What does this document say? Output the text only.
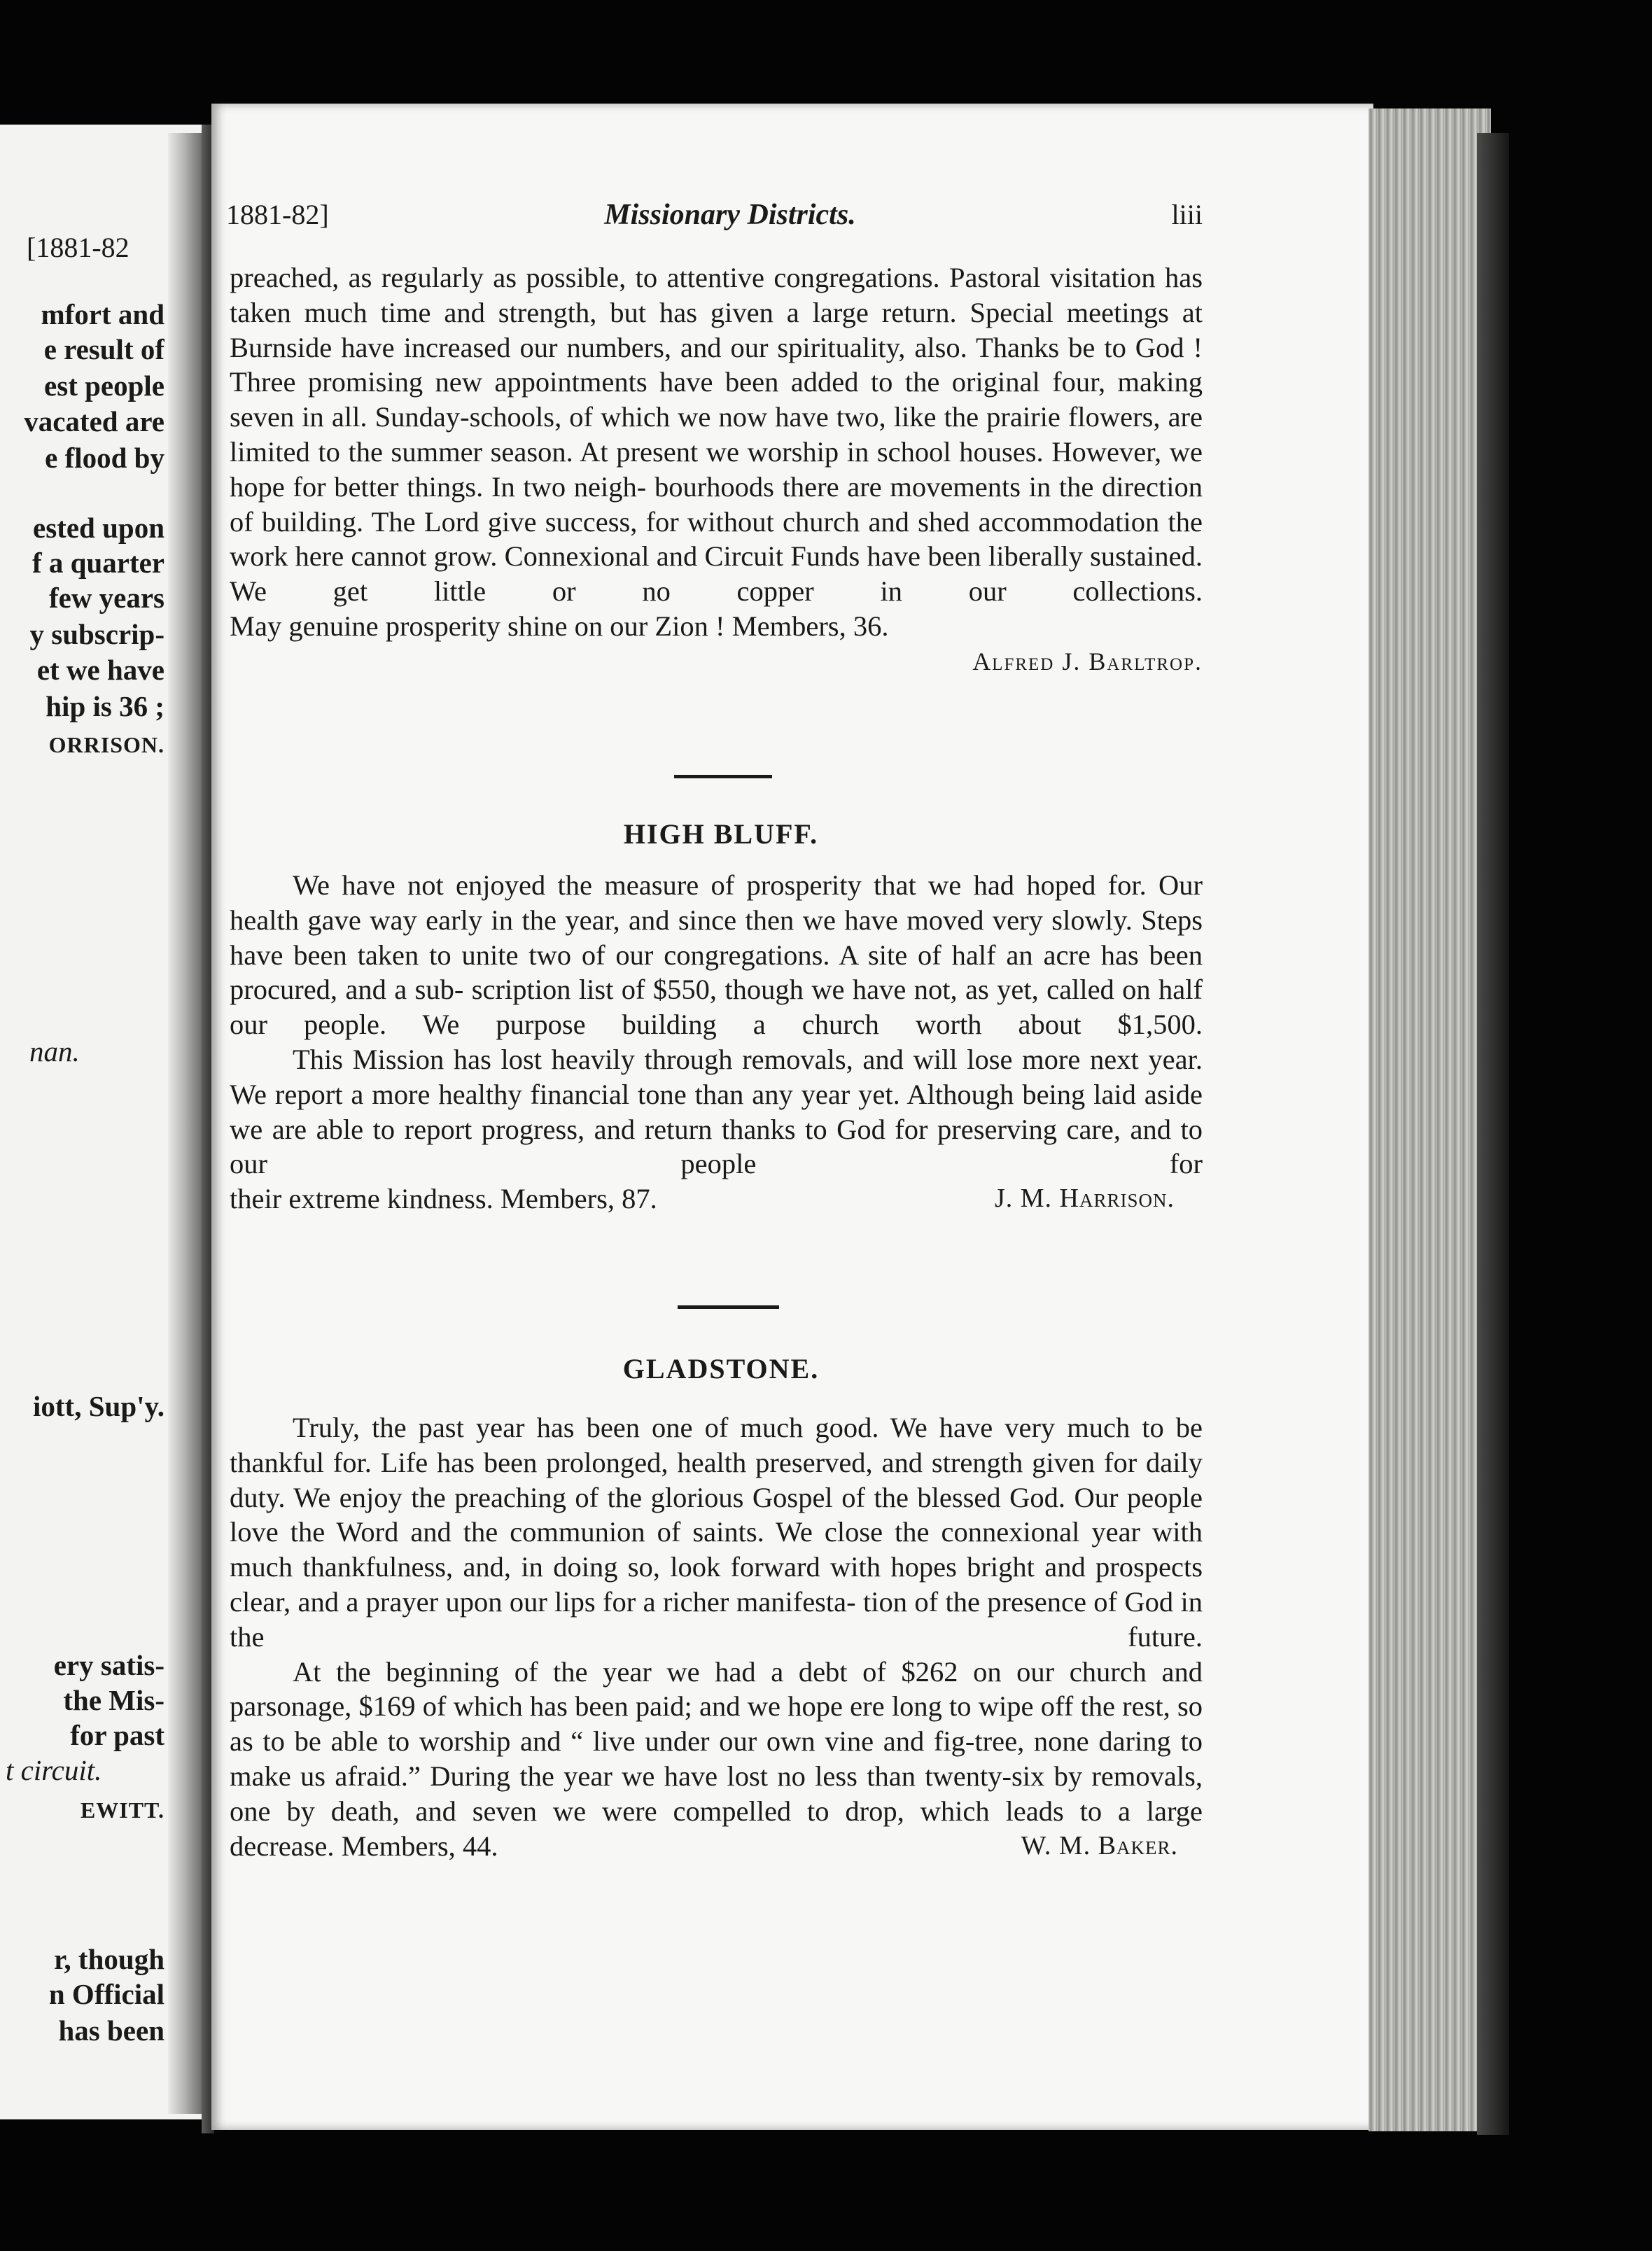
[1881-82
mfort and
e result of
est people
vacated are
e flood by
ested upon
f a quarter
few years
y subscrip-
et we have
hip is 36 ;
ORRISON.
nan.
iott, Sup'y.
ery satis-
the Mis-
for past
t circuit.
EWITT.
r, though
n Official
has been
1881-82]	Missionary Districts.	liii

preached, as regularly as possible, to attentive congregations. Pastoral visitation has taken much time and strength, but has given a large return. Special meetings at Burnside have increased our numbers, and our spirituality, also. Thanks be to God ! Three promising new appointments have been added to the original four, making seven in all. Sunday-schools, of which we now have two, like the prairie flowers, are limited to the summer season. At present we worship in school houses. However, we hope for better things. In two neigh- bourhoods there are movements in the direction of building. The Lord give success, for without church and shed accommodation the work here cannot grow. Connexional and Circuit Funds have been liberally sustained. We get little or no copper in our collections.

May genuine prosperity shine on our Zion ! Members, 36.
Alfred J. Barltrop.
HIGH BLUFF.

We have not enjoyed the measure of prosperity that we had hoped for. Our health gave way early in the year, and since then we have moved very slowly. Steps have been taken to unite two of our congregations. A site of half an acre has been procured, and a sub- scription list of $550, though we have not, as yet, called on half our people. We purpose building a church worth about $1,500.

This Mission has lost heavily through removals, and will lose more next year. We report a more healthy financial tone than any year yet. Although being laid aside we are able to report progress, and return thanks to God for preserving care, and to our people for

their extreme kindness. Members, 87.	J. M. Harrison.
GLADSTONE.

Truly, the past year has been one of much good. We have very much to be thankful for. Life has been prolonged, health preserved, and strength given for daily duty. We enjoy the preaching of the glorious Gospel of the blessed God. Our people love the Word and the communion of saints. We close the connexional year with much thankfulness, and, in doing so, look forward with hopes bright and prospects clear, and a prayer upon our lips for a richer manifesta- tion of the presence of God in the future.

At the beginning of the year we had a debt of $262 on our church and parsonage, $169 of which has been paid; and we hope ere long to wipe off the rest, so as to be able to worship and “ live under our own vine and fig-tree, none daring to make us afraid.” During the year we have lost no less than twenty-six by removals, one by death, and seven we were compelled to drop, which leads to a large

decrease. Members, 44.	W. M. Baker.
